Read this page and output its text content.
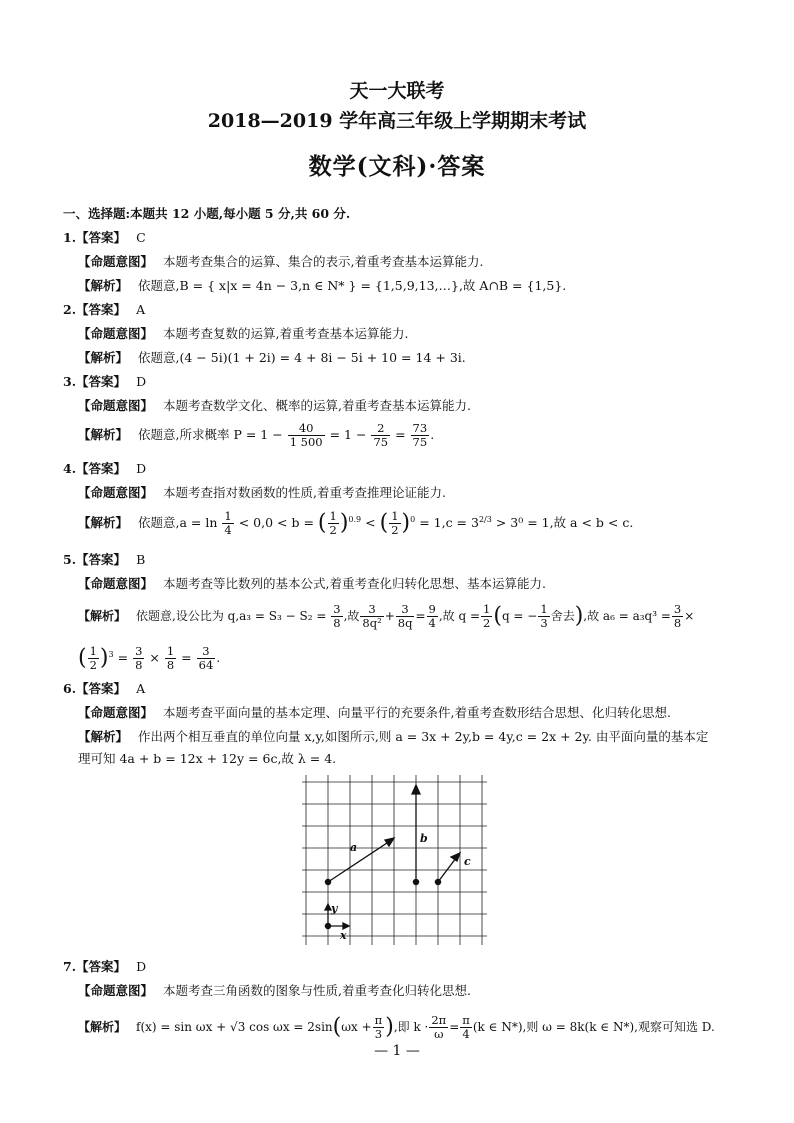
天一大联考
2018—2019 学年高三年级上学期期末考试
数学(文科)·答案
一、选择题:本题共 12 小题,每小题 5 分,共 60 分.
1.【答案】 C
【命题意图】 本题考查集合的运算、集合的表示,着重考查基本运算能力.
【解析】 依题意,B = { x|x = 4n − 3,n ∈ N* } = {1,5,9,13,…},故 A∩B = {1,5}.
2.【答案】 A
【命题意图】 本题考查复数的运算,着重考查基本运算能力.
【解析】 依题意,(4 − 5i)(1 + 2i) = 4 + 8i − 5i + 10 = 14 + 3i.
3.【答案】 D
【命题意图】 本题考查数学文化、概率的运算,着重考查基本运算能力.
【解析】 依题意,所求概率 $P = 1 - \frac{40}{1 500} = 1 - \frac{2}{75} = \frac{73}{75}$ .
4.【答案】 D
【命题意图】 本题考查指对数函数的性质,着重考查推理论证能力.
【解析】 依题意$,a = \ln \frac{1}{4} < 0,0 < b$ = ( $\frac{1}{2} )^{0.9}$ < ( $\frac{1}{2} )^0 = 1,c = 3^{2/3} > 3^0 = 1$,故 a < b < c.
5.【答案】 B
【命题意图】 本题考查等比数列的基本公式,着重考查化归转化思想、基本运算能力.
【解析】 依题意,设公比为 $q,a_3 = S_3 - S_2 = \frac{3}{8}$ ,故 $\frac{3}{\text{8q²}} + \frac{3}{8q} = \frac{9}{4}$ ,故 $q = \frac{1}{2} (q$ = − $\frac{1}{3}$ 舍去),故 $a_6 = a_3q^3 = \frac{3}{8}$ ×
( $\frac{1}{2} )^3 = \frac{3}{8} \times \frac{1}{8} = \frac{3}{64}$ .
6.【答案】 A
【命题意图】 本题考查平面向量的基本定理、向量平行的充要条件,着重考查数形结合思想、化归转化思想.
【解析】 作出两个相互垂直的单位向量 x,y,如图所示,则 a = 3x + 2y,b = 4y,c = 2x + 2y. 由平面向量的基本定
理可知 4a + b = 12x + 12y = 6c,故 λ = 4.
a
b
c
y
x
7.【答案】 D
【命题意图】 本题考查三角函数的图象与性质,着重考查化归转化思想.
【解析】 f(x) = sin ωx + √3 $\cos \omega x = 2\sin(\omega x + \frac{\pi}{3}$ ),即 $k \cdot \frac{2\pi}{\omega} = \frac{\pi}{4} (k$ ∈ N*),则 ω = 8k(k ∈ N*),观察可知选 D.
— 1 —
